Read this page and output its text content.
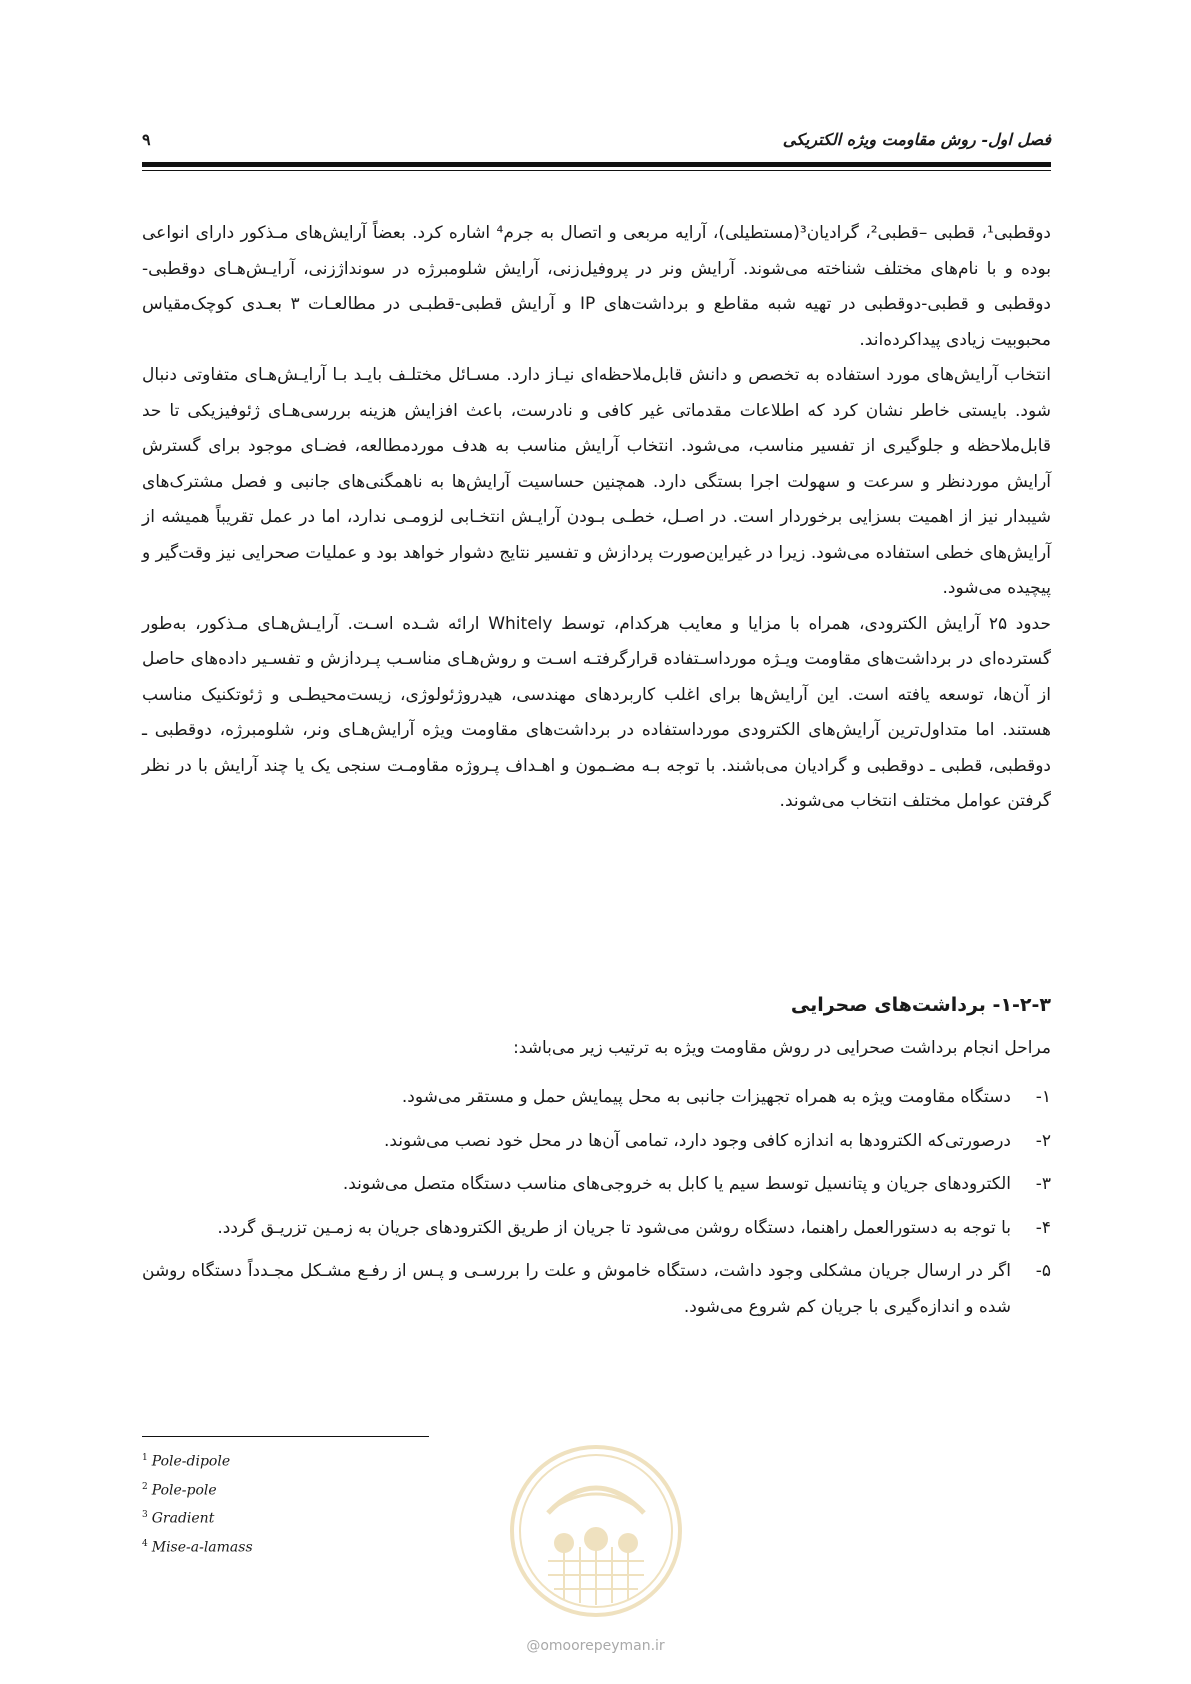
فصل اول- روش مقاومت ویژه الکتریکی
۹

دوقطبی¹، قطبی –قطبی²، گرادیان³(مستطیلی)، آرایه مربعی و اتصال به جرم⁴ اشاره کرد. بعضاً آرایش‌های مـذکور دارای انواعی بوده و با نام‌های مختلف شناخته می‌شوند. آرایش ونر در پروفیل‌زنی، آرایش شلومبرژه در سونداژزنی، آرایـش‌هـای دوقطبی-دوقطبی و قطبی-دوقطبی در تهیه شبه مقاطع و برداشت‌های IP و آرایش قطبی-قطبـی در مطالعـات ۳ بعـدی کوچک‌مقیاس محبوبیت زیادی پیداکرده‌اند.

انتخاب آرایش‌های مورد استفاده به تخصص و دانش قابل‌ملاحظه‌ای نیـاز دارد. مسـائل مختلـف بایـد بـا آرایـش‌هـای متفاوتی دنبال شود. بایستی خاطر نشان کرد که اطلاعات مقدماتی غیر کافی و نادرست، باعث افزایش هزینه بررسی‌هـای ژئوفیزیکی تا حد قابل‌ملاحظه و جلوگیری از تفسیر مناسب، می‌شود. انتخاب آرایش مناسب به هدف موردمطالعه، فضـای موجود برای گسترش آرایش موردنظر و سرعت و سهولت اجرا بستگی دارد. همچنین حساسیت آرایش‌ها به ناهمگنی‌های جانبی و فصل مشترک‌های شیبدار نیز از اهمیت بسزایی برخوردار است. در اصـل، خطـی بـودن آرایـش انتخـابی لزومـی ندارد، اما در عمل تقریباً همیشه از آرایش‌های خطی استفاده می‌شود. زیرا در غیراین‌صورت پردازش و تفسیر نتایج دشوار خواهد بود و عملیات صحرایی نیز وقت‌گیر و پیچیده می‌شود.

حدود ۲۵ آرایش الکترودی، همراه با مزایا و معایب هرکدام، توسط Whitely ارائه شـده اسـت. آرایـش‌هـای مـذکور، به‌طور گسترده‌ای در برداشت‌های مقاومت ویـژه مورداسـتفاده قرارگرفتـه اسـت و روش‌هـای مناسـب پـردازش و تفسـیر داده‌های حاصل از آن‌ها، توسعه یافته است. این آرایش‌ها برای اغلب کاربردهای مهندسی، هیدروژئولوژی، زیست‌محیطـی و ژئوتکنیک مناسب هستند. اما متداول‌ترین آرایش‌های الکترودی مورداستفاده در برداشت‌های مقاومت ویژه آرایش‌هـای ونر، شلومبرژه، دوقطبی ـ دوقطبی، قطبی ـ دوقطبی و گرادیان می‌باشند. با توجه بـه مضـمون و اهـداف پـروژه مقاومـت سنجی یک یا چند آرایش با در نظر گرفتن عوامل مختلف انتخاب می‌شوند.

۱-۲-۳- برداشت‌های صحرایی
مراحل انجام برداشت صحرایی در روش مقاومت ویژه به ترتیب زیر می‌باشد:
۱-
دستگاه مقاومت ویژه به همراه تجهیزات جانبی به محل پیمایش حمل و مستقر می‌شود.
۲-
درصورتی‌که الکترودها به اندازه کافی وجود دارد، تمامی آن‌ها در محل خود نصب می‌شوند.
۳-
الکترودهای جریان و پتانسیل توسط سیم یا کابل به خروجی‌های مناسب دستگاه متصل می‌شوند.
۴-
با توجه به دستورالعمل راهنما، دستگاه روشن می‌شود تا جریان از طریق الکترودهای جریان به زمـین تزریـق گردد.
۵-
اگر در ارسال جریان مشکلی وجود داشت، دستگاه خاموش و علت را بررسـی و پـس از رفـع مشـکل مجـدداً دستگاه روشن شده و اندازه‌گیری با جریان کم شروع می‌شود.
$^1$ Pole-dipole
$^2$ Pole-pole
$^3$ Gradient
$^4$ Mise-a-lamass
@omoorepeyman.ir
